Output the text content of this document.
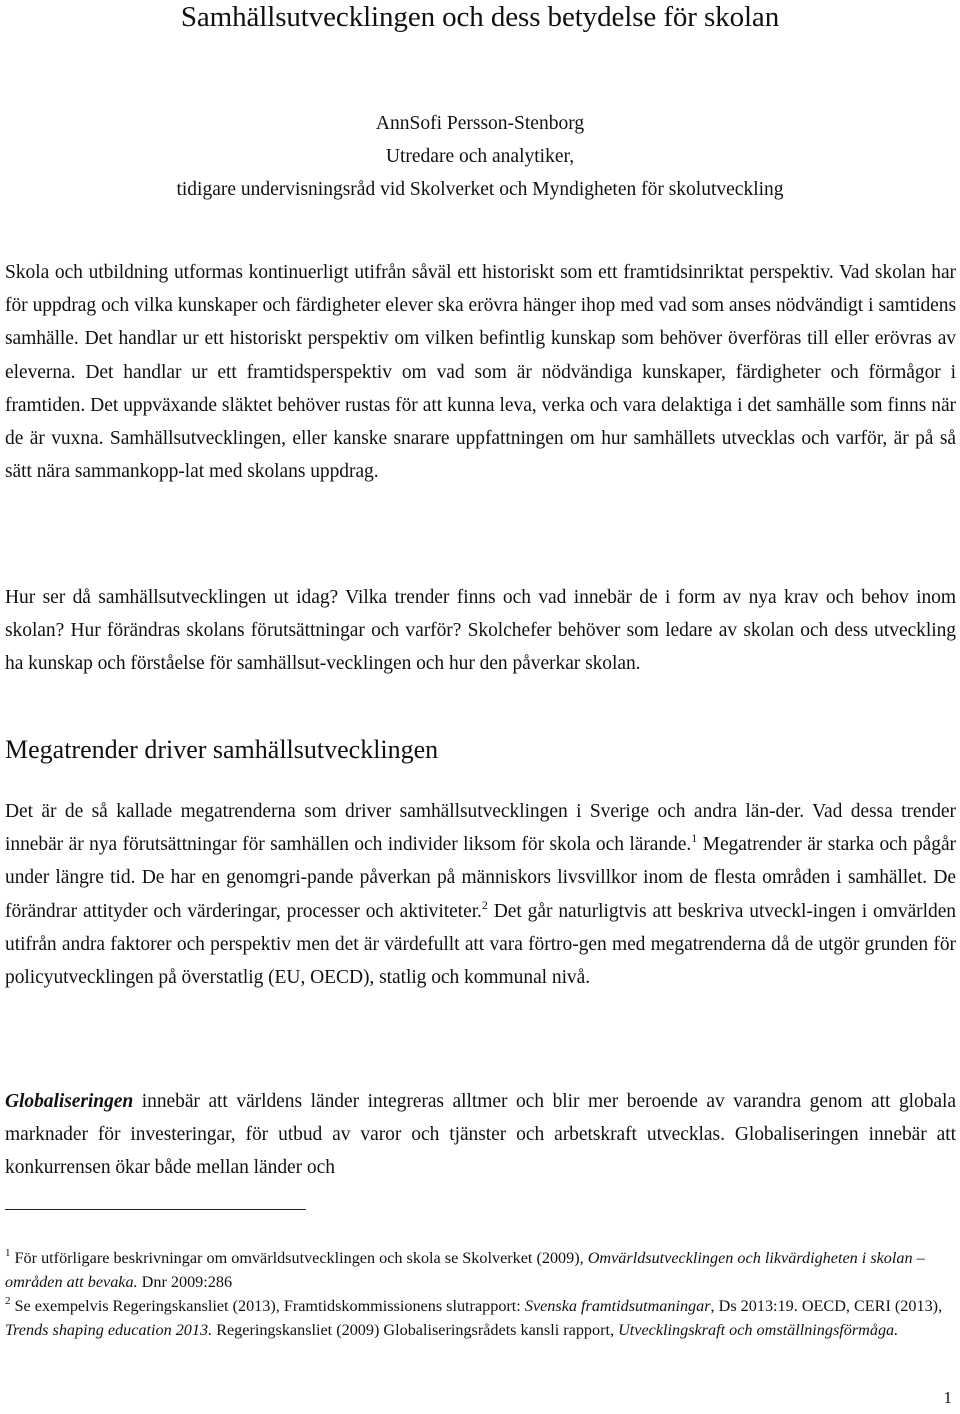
Samhällsutvecklingen och dess betydelse för skolan
AnnSofi Persson-Stenborg
Utredare och analytiker,
tidigare undervisningsråd vid Skolverket och Myndigheten för skolutveckling

Skola och utbildning utformas kontinuerligt utifrån såväl ett historiskt som ett framtidsinriktat perspektiv. Vad skolan har för uppdrag och vilka kunskaper och färdigheter elever ska erövra hänger ihop med vad som anses nödvändigt i samtidens samhälle. Det handlar ur ett historiskt perspektiv om vilken befintlig kunskap som behöver överföras till eller erövras av eleverna. Det handlar ur ett framtidsperspektiv om vad som är nödvändiga kunskaper, färdigheter och förmågor i framtiden. Det uppväxande släktet behöver rustas för att kunna leva, verka och vara delaktiga i det samhälle som finns när de är vuxna. Samhällsutvecklingen, eller kanske snarare uppfattningen om hur samhällets utvecklas och varför, är på så sätt nära sammankopp-lat med skolans uppdrag.

Hur ser då samhällsutvecklingen ut idag? Vilka trender finns och vad innebär de i form av nya krav och behov inom skolan? Hur förändras skolans förutsättningar och varför? Skolchefer behöver som ledare av skolan och dess utveckling ha kunskap och förståelse för samhällsut-vecklingen och hur den påverkar skolan.

Megatrender driver samhällsutvecklingen

Det är de så kallade megatrenderna som driver samhällsutvecklingen i Sverige och andra län-der. Vad dessa trender innebär är nya förutsättningar för samhällen och individer liksom för skola och lärande.$^1$ Megatrender är starka och pågår under längre tid. De har en genomgri-pande påverkan på människors livsvillkor inom de flesta områden i samhället. De förändrar attityder och värderingar, processer och aktiviteter.$^2$ Det går naturligtvis att beskriva utveckl-ingen i omvärlden utifrån andra faktorer och perspektiv men det är värdefullt att vara förtro-gen med megatrenderna då de utgör grunden för policyutvecklingen på överstatlig (EU, OECD), statlig och kommunal nivå.

Globaliseringen innebär att världens länder integreras alltmer och blir mer beroende av varandra genom att globala marknader för investeringar, för utbud av varor och tjänster och arbetskraft utvecklas. Globaliseringen innebär att konkurrensen ökar både mellan länder och

$^1$ För utförligare beskrivningar om omvärldsutvecklingen och skola se Skolverket (2009), Omvärldsutvecklingen och likvärdigheten i skolan – områden att bevaka. Dnr 2009:286

$^2$ Se exempelvis Regeringskansliet (2013), Framtidskommissionens slutrapport: Svenska framtidsutmaningar, Ds 2013:19. OECD, CERI (2013), Trends shaping education 2013. Regeringskansliet (2009) Globaliseringsrådets kansli rapport, Utvecklingskraft och omställningsförmåga.

1
